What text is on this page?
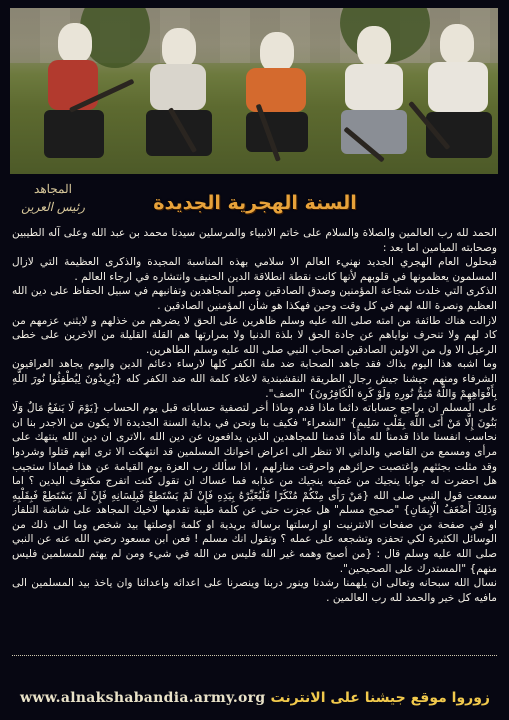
المجاهد
رئيس العرين	السنة الهجرية الجديدة

الحمد لله رب العالمين والصلاة والسلام على خاتم الانبياء والمرسلين سيدنا محمد بن عبد الله وعلى آله الطيبين وصحابته الميامين اما بعد :

فبحلول العام الهجري الجديد نهنيء العالم الا سلامي بهذه المناسبة المجيدة والذكرى العظيمة التي لازال المسلمون يعظمونها في قلوبهم لأنها كانت نقطة انطلاقة الدين الحنيف وانتشاره في ارجاء العالم .

الذكرى التي خلدت شجاعة المؤمنين وصدق الصادقين وصبر المجاهدين وتفانيهم في سبيل الحفاظ على دين الله العظيم ونصرة الله لهم في كل وقت وحين فهكذا هو شأن المؤمنين الصادقين .

لازالت هناك طائفة من امته صلى الله عليه وسلم ظاهرين على الحق لا يضرهم من خذلهم و لايثني عزمهم من كاد لهم ولا تنحرف نواياهم عن جادة الحق لا بلذة الدنيا ولا بمرارتها هم القلة القليلة من الاخرين على خطى الرعيل الا ول من الاولين الصادقين اصحاب النبي صلى الله عليه وسلم الطاهرين.

وما اشبه هذا اليوم بذاك فقد جاهد الصحابة ضد ملة الكفر كلها لارساء دعائم الدين واليوم يجاهد العراقيون الشرفاء ومنهم جيشنا جيش رجال الطريقة النقشبندية لاعلاء كلمة الله ضد الكفر كله {يُرِيدُونَ لِيُطْفِئُوا نُورَ اللَّهِ بِأَفْوَاهِهِمْ وَاللَّهُ مُتِمُّ نُورِهِ وَلَوْ كَرِهَ الْكَافِرُونَ} "الصف".

على المسلم ان يراجع حساباته دائما ماذا قدم وماذا أخر لتصفية حساباته قبل يوم الحساب {يَوْمَ لَا يَنفَعُ مَالٌ وَلَا بَنُونَ إِلَّا مَنْ أَتَى اللَّهَ بِقَلْبٍ سَلِيمٍ} "الشعراء" فكيف بنا ونحن في بداية السنة الجديدة الا يكون من الاجدر بنا ان نحاسب انفسنا ماذا قدمنا لله ماذا قدمنا للمجاهدين الذين يدافعون عن دين الله ،الاترى ان دين الله ينتهك على مرأى ومسمع من القاصي والداني الا تنظر الى اعراض اخوانك المسلمين قد انتهكت الا ترى انهم قتلوا وشردوا وقد مثلت بجثثهم واغتصبت حرائرهم واحرقت منازلهم ، اذا سألك رب العزة يوم القيامة عن هذا فيماذا ستجيب هل احضرت له جوابا ينجيك من غضبه ينجيك من عذابه فما عساك ان تقول كنت اتفرج مكتوف اليدين ؟ اما سمعت قول النبي صلى الله {مَنْ رَأَى مِنْكُمْ مُنْكَرًا فَلْيُغَيِّرْهُ بِيَدِهِ فَإِنْ لَمْ يَسْتَطِعْ فَبِلِسَانِهِ فَإِنْ لَمْ يَسْتَطِعْ فَبِقَلْبِهِ وَذَلِكَ أَضْعَفُ الْإِيمَانِ} "صحيح مسلم" هل عجزت حتى عن كلمة طيبة تقدمها لاخيك المجاهد على شاشة التلفاز او في صفحة من صفحات الانترنيت او ارسلتها برسالة بريدية او كلمة اوصلتها بيد شخص وما الى ذلك من الوسائل الكثيرة لكي تحفزه وتشجعه على عمله ؟ وتقول انك مسلم ! فعن ابن مسعود رضي الله عنه عن النبي صلى الله عليه وسلم قال : {من أصبح وهمه غير الله فليس من الله في شيء ومن لم يهتم للمسلمين فليس منهم} "المستدرك على الصحيحين".

نسال الله سبحانه وتعالى ان يلهمنا رشدنا وينور دربنا وينصرنا على اعدائه واعدائنا وان ياخذ بيد المسلمين الى مافيه كل خير والحمد لله رب العالمين .

www.alnakshabandia.army.org زوروا موقع جيشنا على الانترنت
